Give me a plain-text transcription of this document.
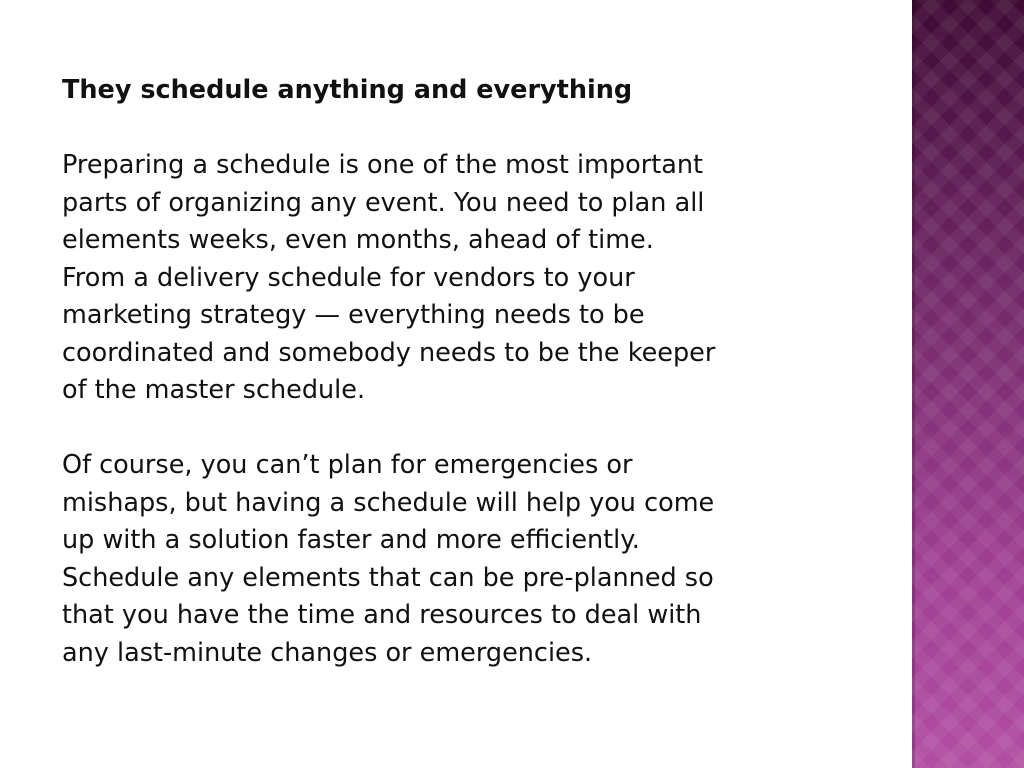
They schedule anything and everything

Preparing a schedule is one of the most important
parts of organizing any event. You need to plan all
elements weeks, even months, ahead of time.
From a delivery schedule for vendors to your
marketing strategy — everything needs to be
coordinated and somebody needs to be the keeper
of the master schedule.

Of course, you can’t plan for emergencies or
mishaps, but having a schedule will help you come
up with a solution faster and more efficiently.
Schedule any elements that can be pre-planned so
that you have the time and resources to deal with
any last-minute changes or emergencies.
